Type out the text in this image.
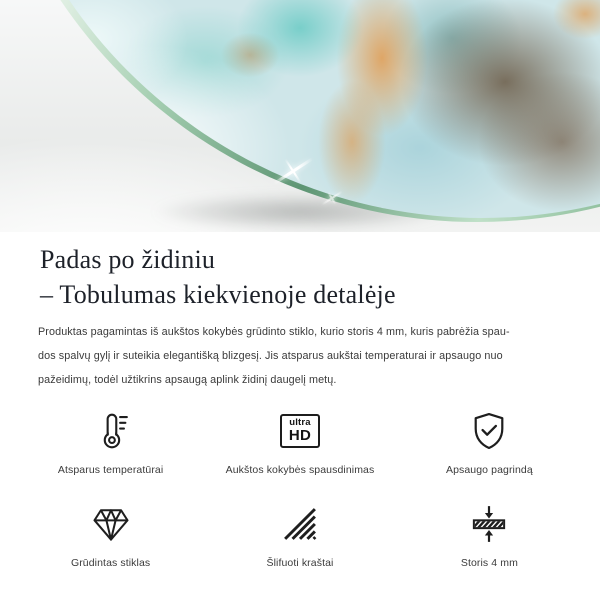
Padas po židiniu
– Tobulumas kiekvienoje detalėje
Produktas pagamintas iš aukštos kokybės grūdinto stiklo, kurio storis 4 mm, kuris pabrėžia spau-
dos spalvų gylį ir suteikia elegantišką blizgesį. Jis atsparus aukštai temperaturai ir apsaugo nuo
pažeidimų, todėl užtikrins apsaugą aplink židinį daugelį metų.
Atsparus temperatūrai
ultra
HD
Aukštos kokybės spausdinimas	Apsaugo pagrindą
Grūdintas stiklas	Šlifuoti kraštai	Storis 4 mm
